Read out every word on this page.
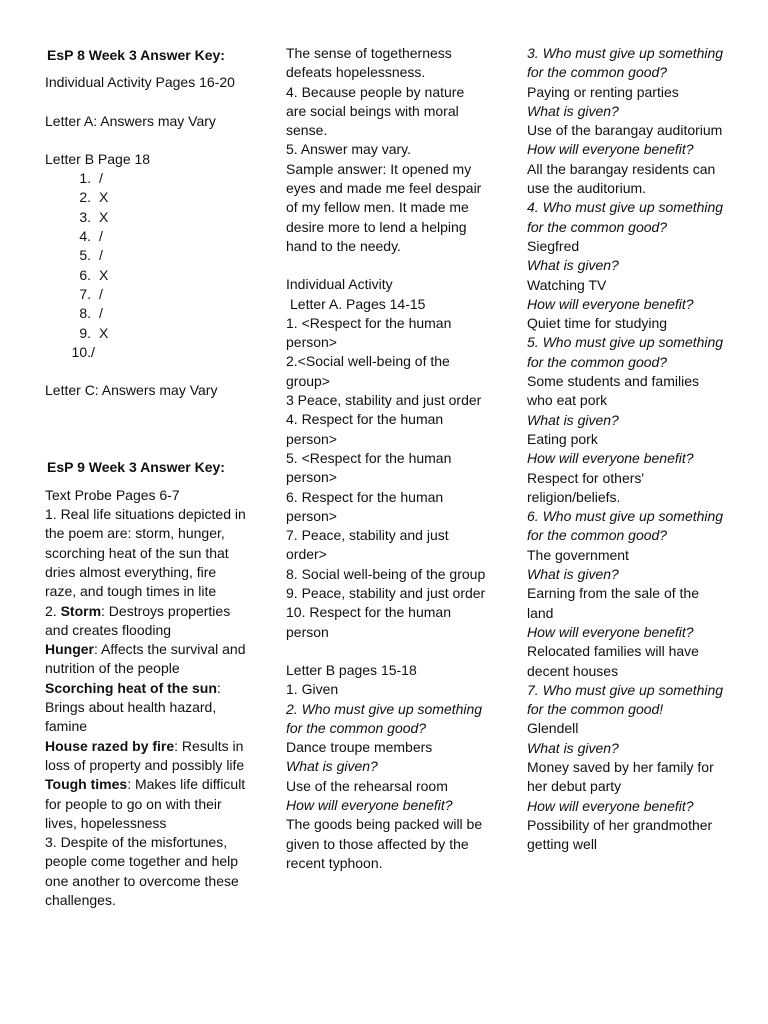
EsP 8 Week 3 Answer Key:

Individual Activity Pages 16-20

Letter A: Answers may Vary

Letter B Page 18

1. /
2. X
3. X
4. /
5. /
6. X
7. /
8. /
9. X
10. /

Letter C: Answers may Vary

EsP 9 Week 3 Answer Key:

Text Probe Pages 6-7

1. Real life situations depicted in the poem are: storm, hunger, scorching heat of the sun that dries almost everything, fire raze, and tough times in lite

2. Storm: Destroys properties and creates flooding

Hunger: Affects the survival and nutrition of the people

Scorching heat of the sun: Brings about health hazard, famine

House razed by fire: Results in loss of property and possibly life

Tough times: Makes life difficult for people to go on with their lives, hopelessness

3. Despite of the misfortunes, people come together and help one another to overcome these challenges.

The sense of togetherness defeats hopelessness.

4. Because people by nature are social beings with moral sense.

5. Answer may vary.

Sample answer: It opened my eyes and made me feel despair of my fellow men. It made me desire more to lend a helping hand to the needy.

Individual Activity

Letter A. Pages 14-15

1. <Respect for the human person>

2.<Social well-being of the group>

3 Peace, stability and just order

4. Respect for the human person>

5. <Respect for the human person>

6. Respect for the human person>

7. Peace, stability and just order>

8. Social well-being of the group

9. Peace, stability and just order

10. Respect for the human person

Letter B pages 15-18

1. Given

2. Who must give up something for the common good?

Dance troupe members

What is given?

Use of the rehearsal room

How will everyone benefit?

The goods being packed will be given to those affected by the recent typhoon.

3. Who must give up something for the common good?

Paying or renting parties

What is given?

Use of the barangay auditorium

How will everyone benefit?

All the barangay residents can use the auditorium.

4. Who must give up something for the common good?

Siegfred

What is given?

Watching TV

How will everyone benefit?

Quiet time for studying

5. Who must give up something for the common good?

Some students and families who eat pork

What is given?

Eating pork

How will everyone benefit?

Respect for others' religion/beliefs.

6. Who must give up something for the common good?

The government

What is given?

Earning from the sale of the land

How will everyone benefit?

Relocated families will have decent houses

7. Who must give up something for the common good!

Glendell

What is given?

Money saved by her family for her debut party

How will everyone benefit?

Possibility of her grandmother getting well
